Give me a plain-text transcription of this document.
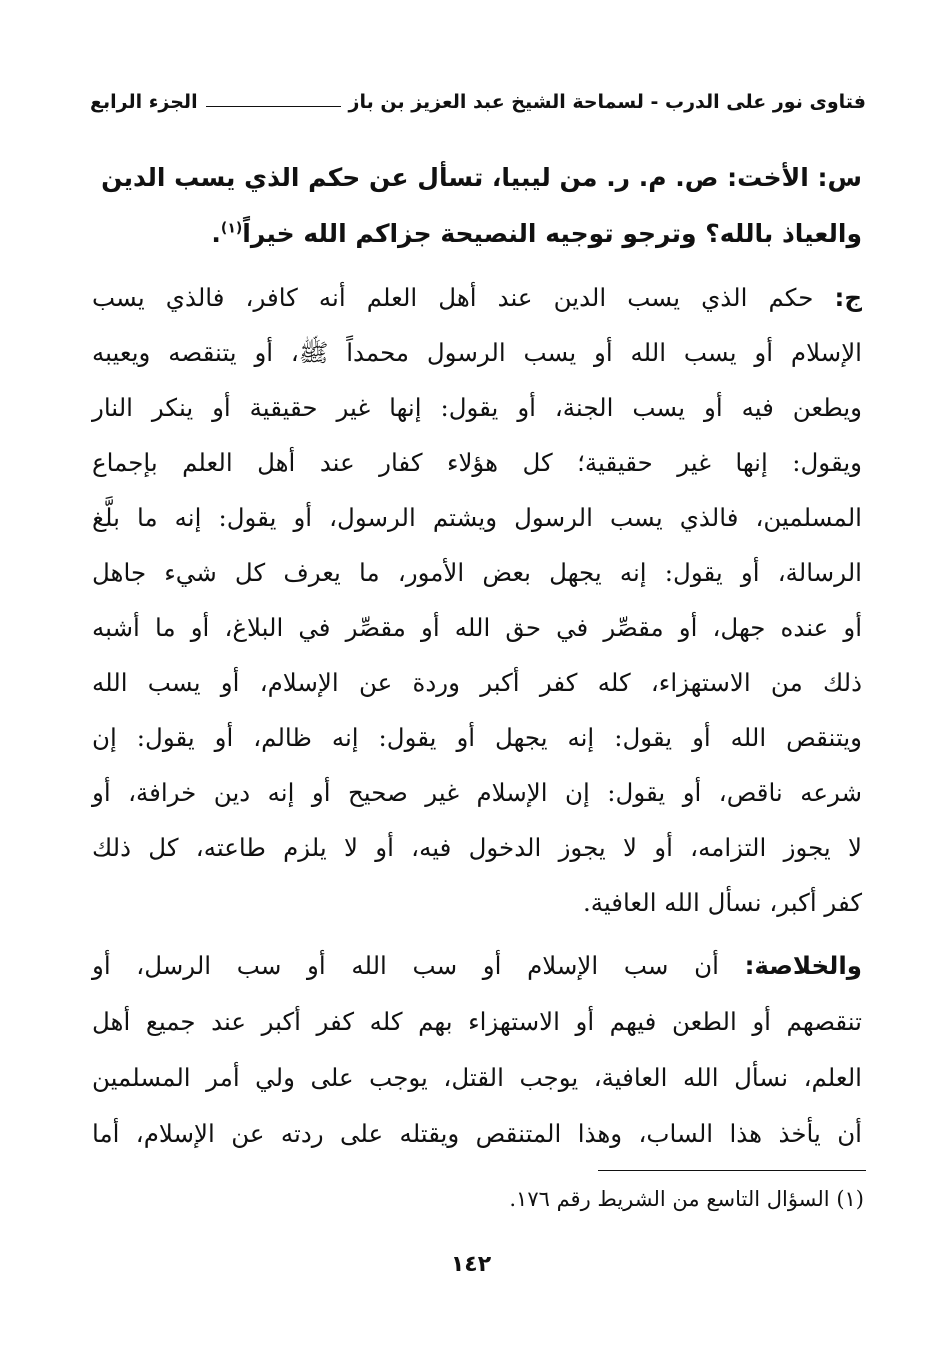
فتاوى نور على الدرب - لسماحة الشيخ عبد العزيز بن باز
الجزء الرابع
س: الأخت: ص. م. ر. من ليبيا، تسأل عن حكم الذي يسب الدين
والعياذ بالله؟ وترجو توجيه النصيحة جزاكم الله خيراً$^{(١)}$.
ج: حكم الذي يسب الدين عند أهل العلم أنه كافر، فالذي يسب
الإسلام أو يسب الله أو يسب الرسول محمداً ﷺ، أو يتنقصه ويعيبه
ويطعن فيه أو يسب الجنة، أو يقول: إنها غير حقيقية أو ينكر النار
ويقول: إنها غير حقيقية؛ كل هؤلاء كفار عند أهل العلم بإجماع
المسلمين، فالذي يسب الرسول ويشتم الرسول، أو يقول: إنه ما بلَّغ
الرسالة، أو يقول: إنه يجهل بعض الأمور، ما يعرف كل شيء جاهل
أو عنده جهل، أو مقصِّر في حق الله أو مقصِّر في البلاغ، أو ما أشبه
ذلك من الاستهزاء، كله كفر أكبر وردة عن الإسلام، أو يسب الله
ويتنقص الله أو يقول: إنه يجهل أو يقول: إنه ظالم، أو يقول: إن
شرعه ناقص، أو يقول: إن الإسلام غير صحيح أو إنه دين خرافة، أو
لا يجوز التزامه، أو لا يجوز الدخول فيه، أو لا يلزم طاعته، كل ذلك
كفر أكبر، نسأل الله العافية.
والخلاصة: أن سب الإسلام أو سب الله أو سب الرسل، أو
تنقصهم أو الطعن فيهم أو الاستهزاء بهم كله كفر أكبر عند جميع أهل
العلم، نسأل الله العافية، يوجب القتل، يوجب على ولي أمر المسلمين
أن يأخذ هذا الساب، وهذا المتنقص ويقتله على ردته عن الإسلام، أما
(١) السؤال التاسع من الشريط رقم ١٧٦.
١٤٢
